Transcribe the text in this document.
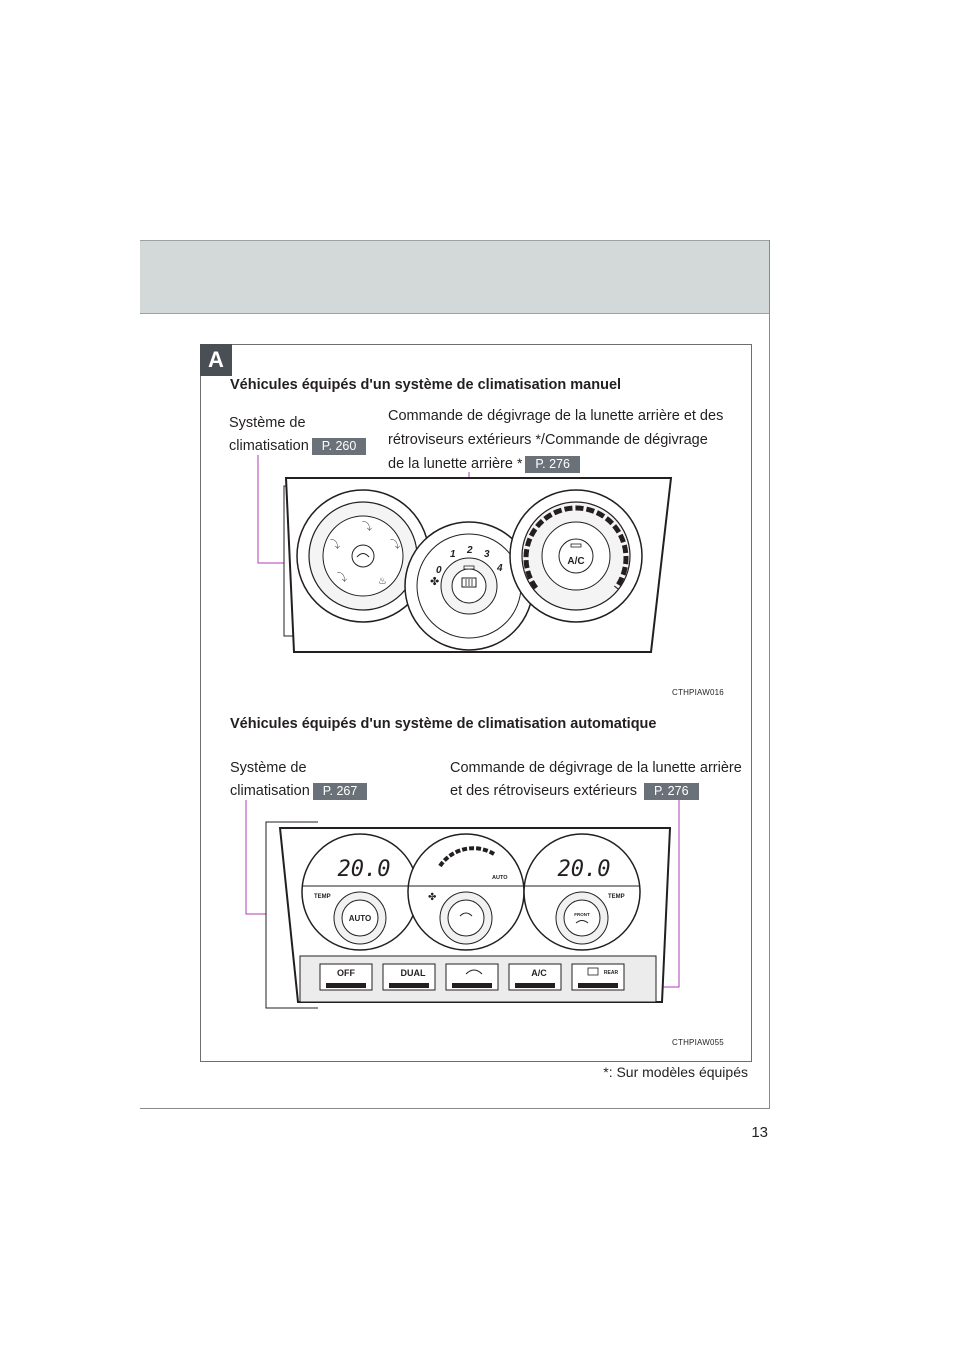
13
A
Véhicules équipés d'un système de climatisation manuel
Système de
climatisation P. 260
Commande de dégivrage de la lunette arrière et des
rétroviseurs extérieurs */Commande de dégivrage
de la lunette arrière * P. 276
⤵
⤵
⤵
⤵	♨
0
1 2 3
4
✤
A/C
CTHPIAW016
Véhicules équipés d'un système de climatisation automatique
Système de
climatisation P. 267
Commande de dégivrage de la lunette arrière
et des rétroviseurs extérieurs P. 276
20.0
TEMP
AUTO
AUTO
✤
20.0
TEMP
FRONT
OFF	DUAL	A/C	REAR
CTHPIAW055
*: Sur modèles équipés
